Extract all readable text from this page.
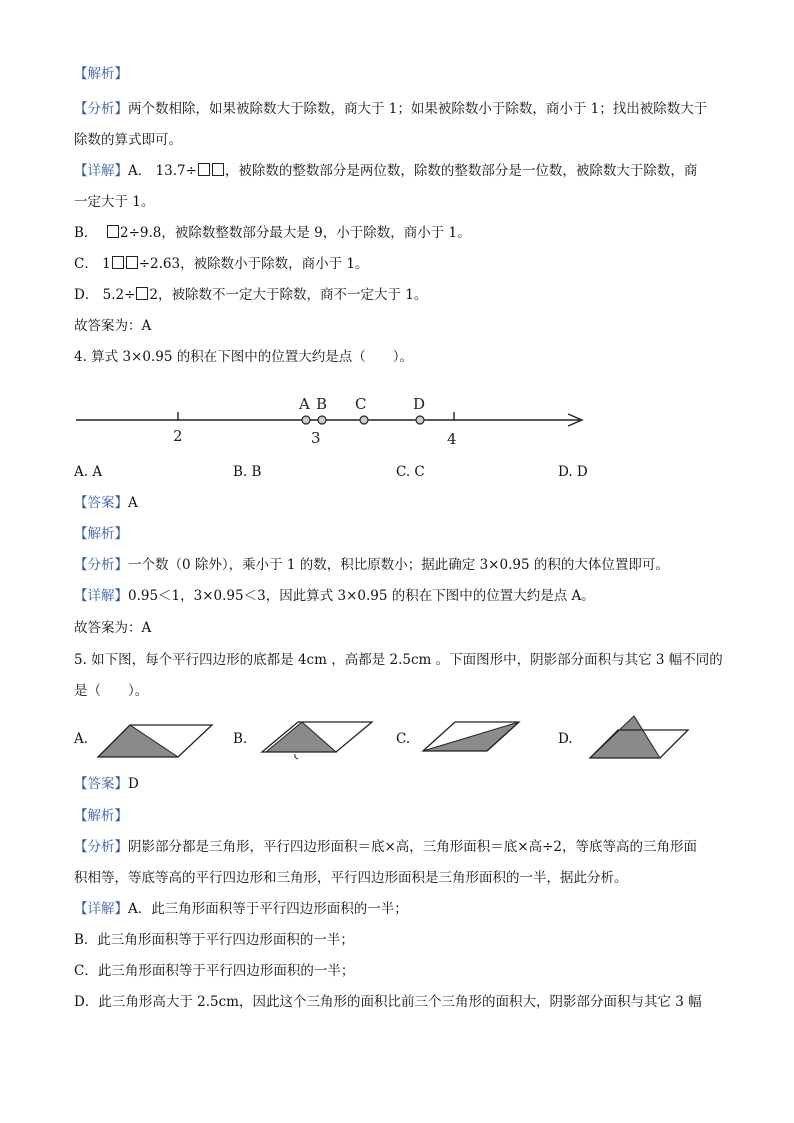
【解析】
【分析】两个数相除，如果被除数大于除数，商大于 1；如果被除数小于除数，商小于 1；找出被除数大于
除数的算式即可。
【详解】A． 13.7÷ ，被除数的整数部分是两位数，除数的整数部分是一位数，被除数大于除数，商
一定大于 1。
B． 2÷9.8，被除数整数部分最大是 9，小于除数，商小于 1。
C． 1 ÷2.63，被除数小于除数，商小于 1。
D． 5.2÷ 2，被除数不一定大于除数，商不一定大于 1。
故答案为：A
4. 算式 3×0.95 的积在下图中的位置大约是点（　　）。
2	3	4
A B C	D
A. A	B. B	C. C	D. D
【答案】A
【解析】
【分析】一个数（0 除外），乘小于 1 的数，积比原数小；据此确定 3×0.95 的积的大体位置即可。
【详解】0.95＜1，3×0.95＜3，因此算式 3×0.95 的积在下图中的位置大约是点 A。
故答案为：A
5. 如下图，每个平行四边形的底都是 4cm ，高都是 2.5cm 。下面图形中，阴影部分面积与其它 3 幅不同的
是（　　）。
A.	B.	C.	D.
【答案】D
【解析】
【分析】阴影部分都是三角形，平行四边形面积＝底×高，三角形面积＝底×高÷2，等底等高的三角形面
积相等，等底等高的平行四边形和三角形，平行四边形面积是三角形面积的一半，据此分析。
【详解】A．此三角形面积等于平行四边形面积的一半；
B．此三角形面积等于平行四边形面积的一半；
C．此三角形面积等于平行四边形面积的一半；
D．此三角形高大于 2.5cm，因此这个三角形的面积比前三个三角形的面积大，阴影部分面积与其它 3 幅
